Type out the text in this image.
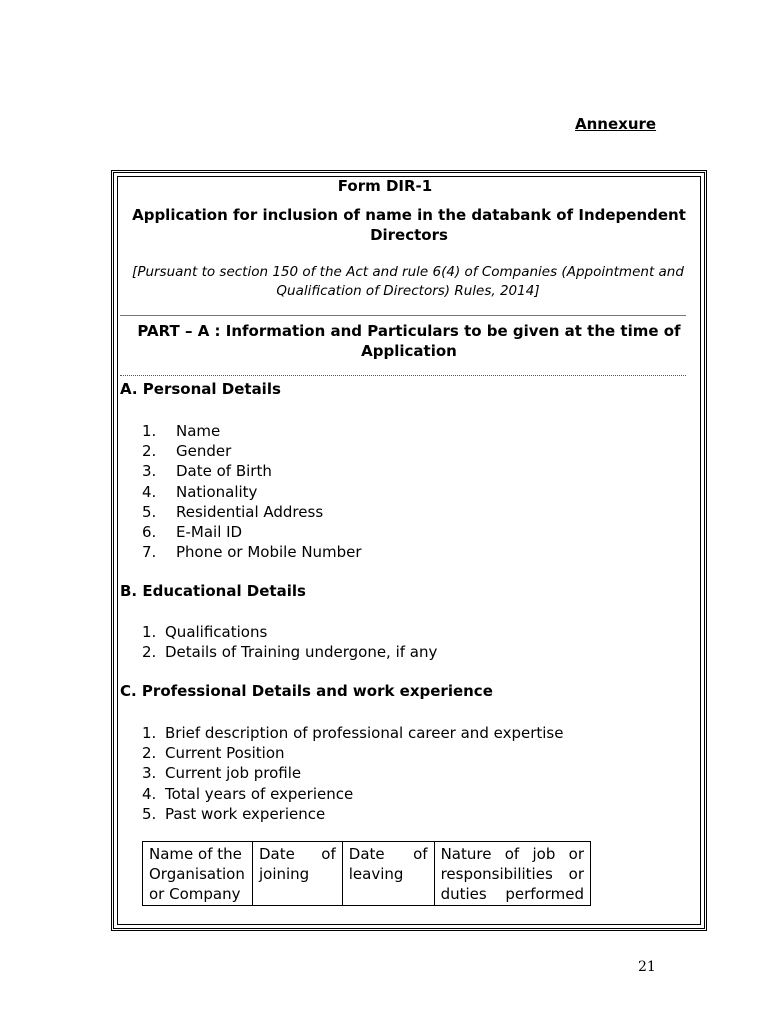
Annexure
Form DIR-1
Application for inclusion of name in the databank of Independent Directors
[Pursuant to section 150 of the Act and rule 6(4) of Companies (Appointment and
Qualification of Directors) Rules, 2014]
PART – A : Information and Particulars to be given at the time of Application
A. Personal Details
1. Name
2. Gender
3. Date of Birth
4. Nationality
5. Residential Address
6. E-Mail ID
7. Phone or Mobile Number
B. Educational Details
1. Qualifications
2. Details of Training undergone, if any
C. Professional Details and work experience
1. Brief description of professional career and expertise
2. Current Position
3. Current job profile
4. Total years of experience
5. Past work experience
Name of the Organisation or Company	Date of joining	Date of leaving	Nature of job or responsibilities or duties performed
21
